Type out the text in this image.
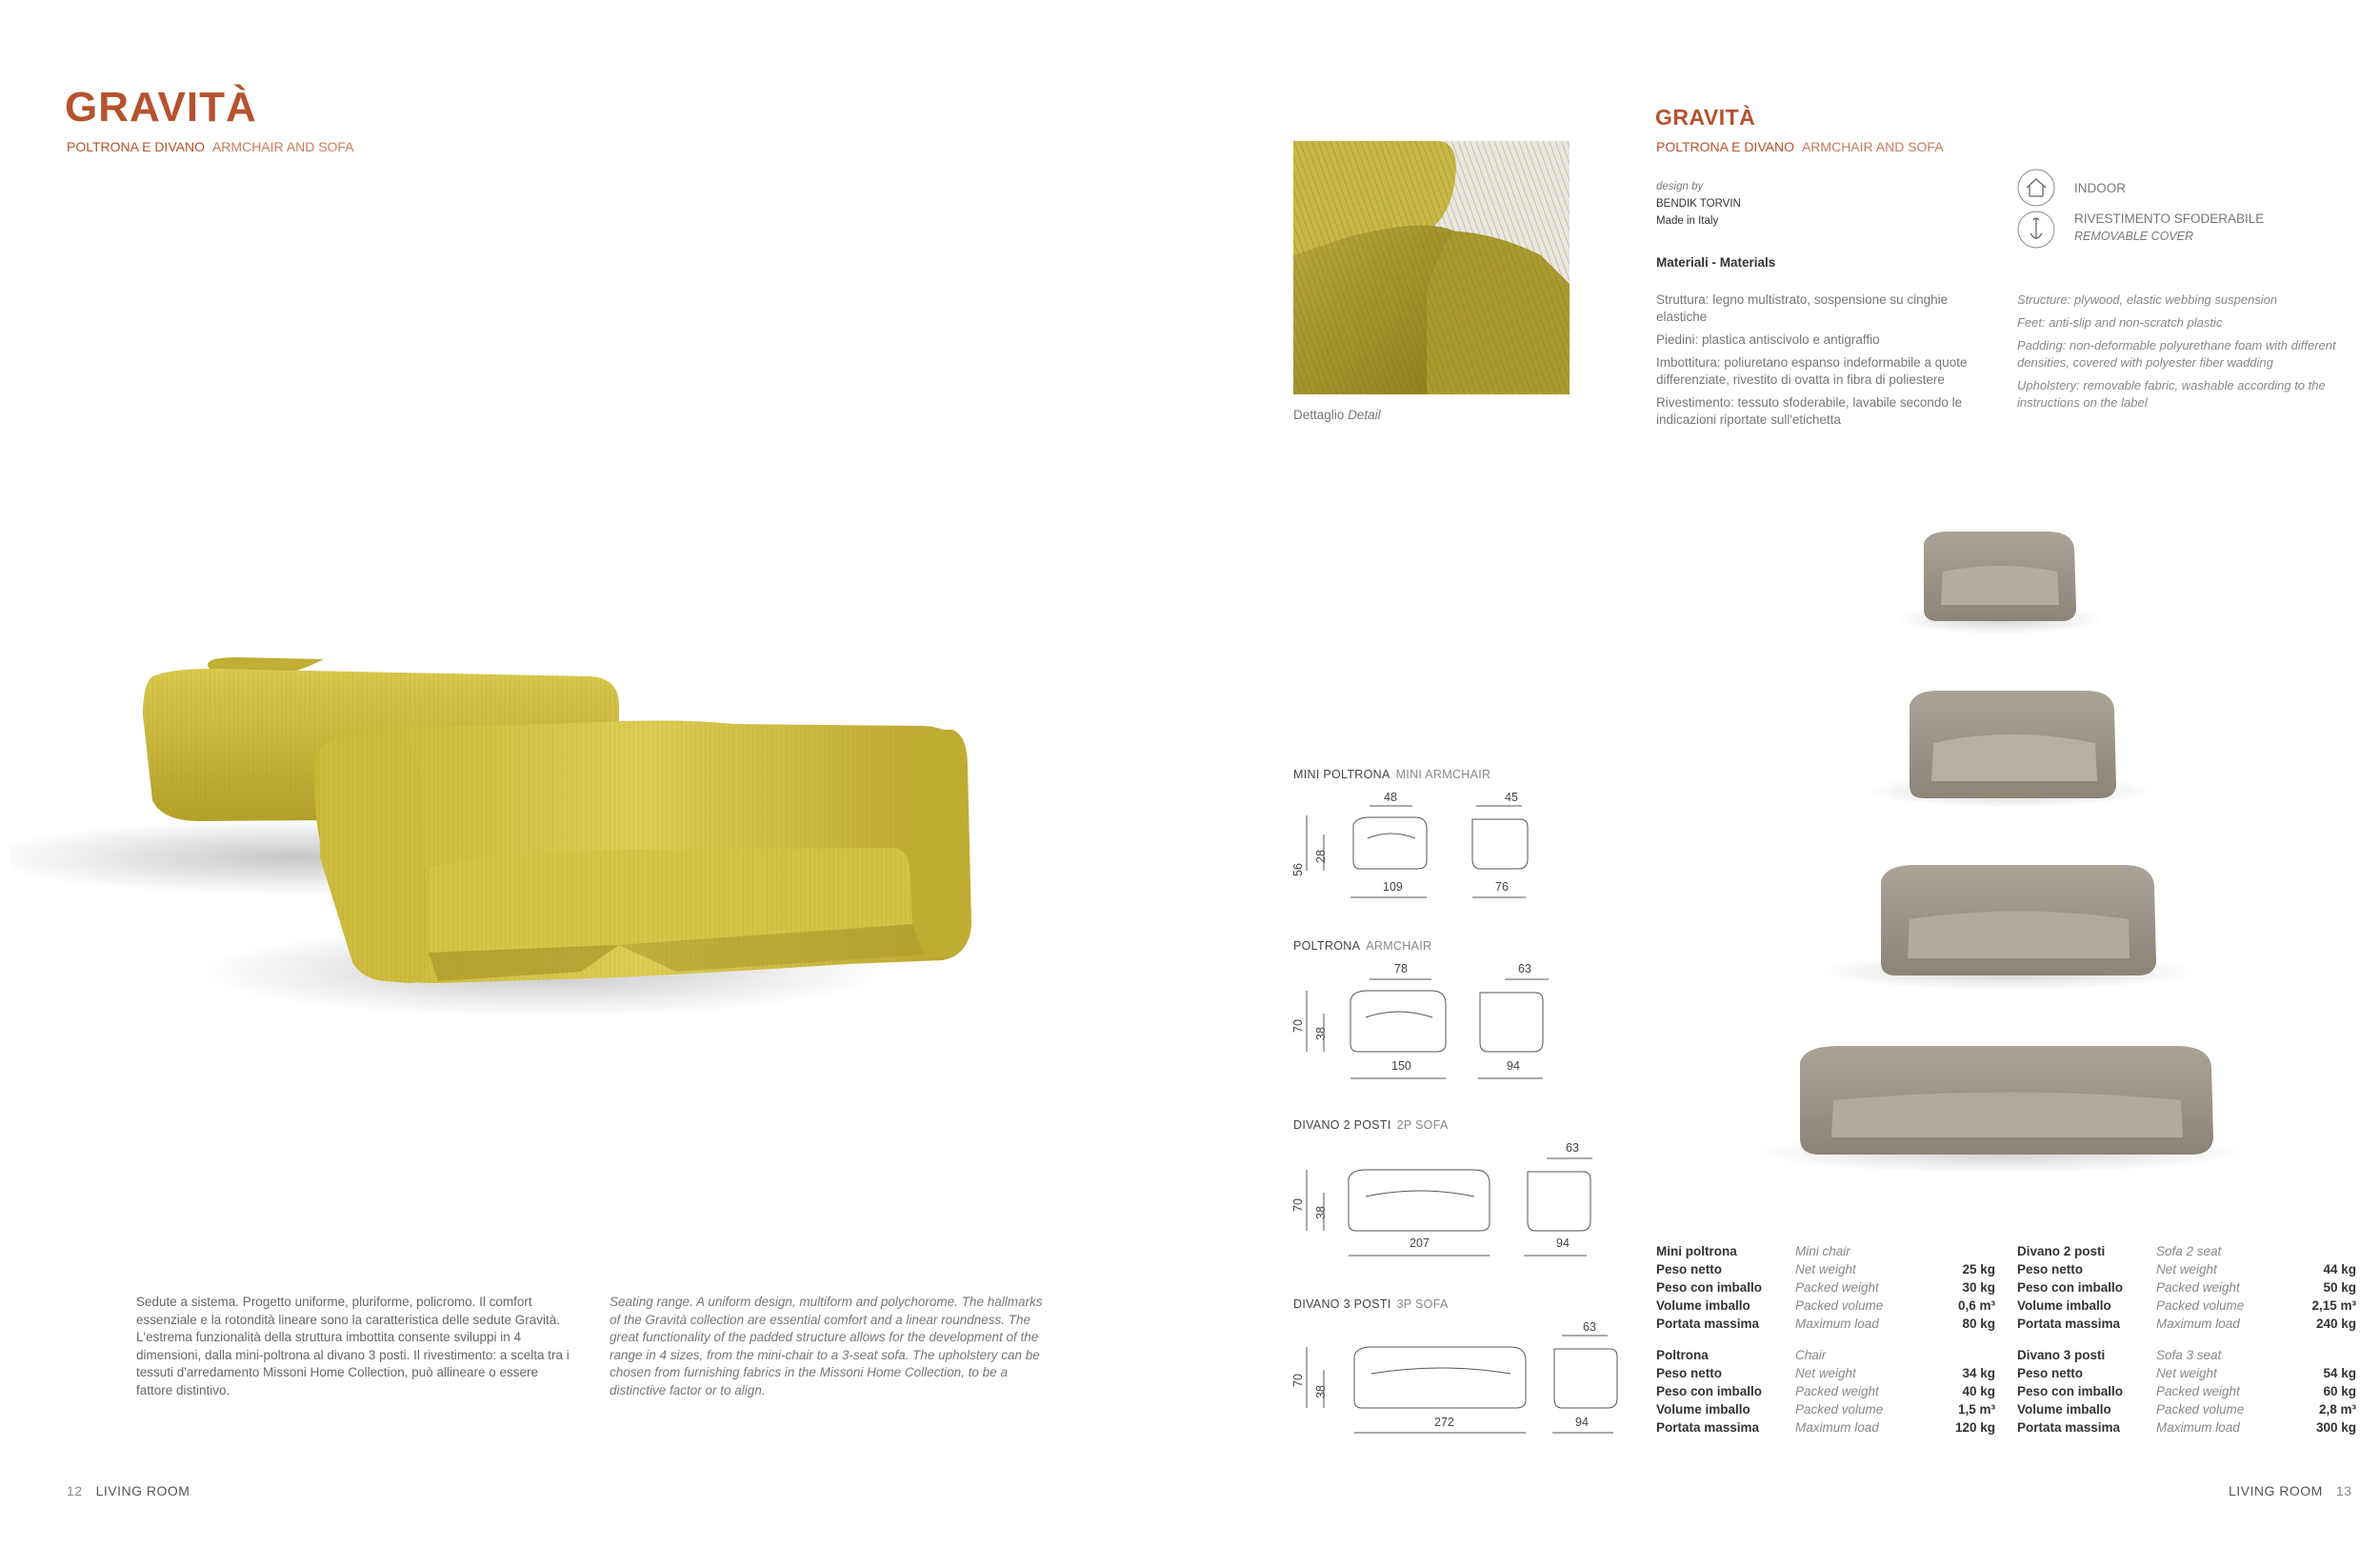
GRAVITÀ
POLTRONA E DIVANO ARMCHAIR AND SOFA
Sedute a sistema. Progetto uniforme, pluriforme, policromo. Il comfort essenziale e la rotondità lineare sono la caratteristica delle sedute Gravità. L'estrema funzionalità della struttura imbottita consente sviluppi in 4 dimensioni, dalla mini-poltrona al divano 3 posti. Il rivestimento: a scelta tra i tessuti d'arredamento Missoni Home Collection, può allineare o essere fattore distintivo.
Seating range. A uniform design, multiform and polychorome. The hallmarks of the Gravità collection are essential comfort and a linear roundness. The great functionality of the padded structure allows for the development of the range in 4 sizes, from the mini-chair to a 3-seat sofa. The upholstery can be chosen from furnishing fabrics in the Missoni Home Collection, to be a distinctive factor or to align.
12 LIVING ROOM
Dettaglio Detail
GRAVITÀ
POLTRONA E DIVANO ARMCHAIR AND SOFA
design by
BENDIK TORVIN
Made in Italy
INDOOR
RIVESTIMENTO SFODERABILE
REMOVABLE COVER
Materiali - Materials
Struttura: legno multistrato, sospensione su cinghie elastiche
Piedini: plastica antiscivolo e antigraffio
Imbottitura: poliuretano espanso indeformabile a quote differenziate, rivestito di ovatta in fibra di poliestere
Rivestimento: tessuto sfoderabile, lavabile secondo le indicazioni riportate sull'etichetta
Structure: plywood, elastic webbing suspension
Feet: anti-slip and non-scratch plastic
Padding: non-deformable polyurethane foam with different densities, covered with polyester fiber wadding
Upholstery: removable fabric, washable according to the instructions on the label
MINI POLTRONA MINI ARMCHAIR
48	45
56
28
109	76
POLTRONA ARMCHAIR
78	63
70
38
150	94
DIVANO 2 POSTI 2P SOFA
63
70
38
207	94
DIVANO 3 POSTI 3P SOFA
63
70
38
272	94
Mini poltrona	Mini chair	
Peso netto	Net weight	25 kg
Peso con imballo	Packed weight	30 kg
Volume imballo	Packed volume	0,6 m³
Portata massima	Maximum load	80 kg
Divano 2 posti	Sofa 2 seat	
Peso netto	Net weight	44 kg
Peso con imballo	Packed weight	50 kg
Volume imballo	Packed volume	2,15 m³
Portata massima	Maximum load	240 kg
Poltrona	Chair	
Peso netto	Net weight	34 kg
Peso con imballo	Packed weight	40 kg
Volume imballo	Packed volume	1,5 m³
Portata massima	Maximum load	120 kg
Divano 3 posti	Sofa 3 seat	
Peso netto	Net weight	54 kg
Peso con imballo	Packed weight	60 kg
Volume imballo	Packed volume	2,8 m³
Portata massima	Maximum load	300 kg
LIVING ROOM 13
